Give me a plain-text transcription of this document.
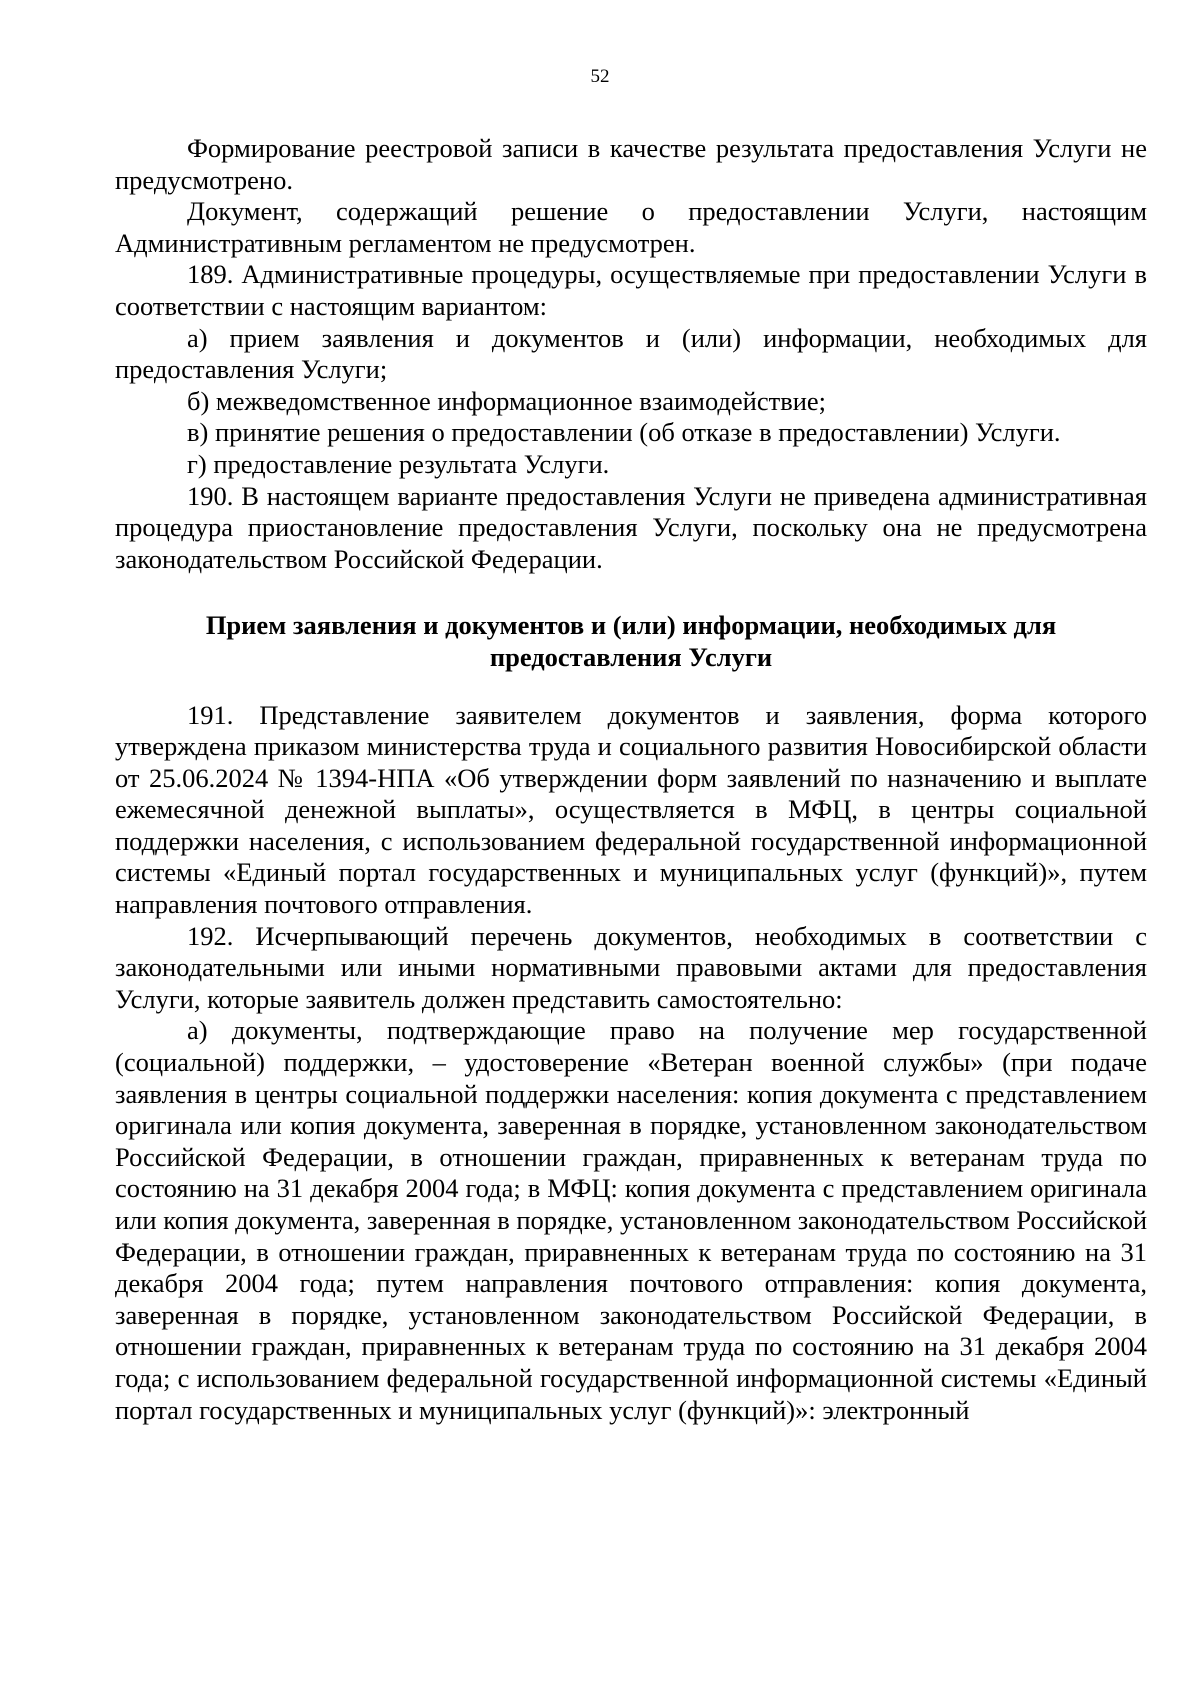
52

Формирование реестровой записи в качестве результата предоставления Услуги не предусмотрено.

Документ, содержащий решение о предоставлении Услуги, настоящим Административным регламентом не предусмотрен.

189. Административные процедуры, осуществляемые при предоставлении Услуги в соответствии с настоящим вариантом:

а) прием заявления и документов и (или) информации, необходимых для предоставления Услуги;

б) межведомственное информационное взаимодействие;

в) принятие решения о предоставлении (об отказе в предоставлении) Услуги.

г) предоставление результата Услуги.

190. В настоящем варианте предоставления Услуги не приведена административная процедура приостановление предоставления Услуги, поскольку она не предусмотрена законодательством Российской Федерации.

Прием заявления и документов и (или) информации, необходимых для предоставления Услуги

191. Представление заявителем документов и заявления, форма которого утверждена приказом министерства труда и социального развития Новосибирской области от 25.06.2024 № 1394-НПА «Об утверждении форм заявлений по назначению и выплате ежемесячной денежной выплаты», осуществляется в МФЦ, в центры социальной поддержки населения, с использованием федеральной государственной информационной системы «Единый портал государственных и муниципальных услуг (функций)», путем направления почтового отправления.

192. Исчерпывающий перечень документов, необходимых в соответствии с законодательными или иными нормативными правовыми актами для предоставления Услуги, которые заявитель должен представить самостоятельно:

а) документы, подтверждающие право на получение мер государственной (социальной) поддержки, – удостоверение «Ветеран военной службы» (при подаче заявления в центры социальной поддержки населения: копия документа с представлением оригинала или копия документа, заверенная в порядке, установленном законодательством Российской Федерации, в отношении граждан, приравненных к ветеранам труда по состоянию на 31 декабря 2004 года; в МФЦ: копия документа с представлением оригинала или копия документа, заверенная в порядке, установленном законодательством Российской Федерации, в отношении граждан, приравненных к ветеранам труда по состоянию на 31 декабря 2004 года; путем направления почтового отправления: копия документа, заверенная в порядке, установленном законодательством Российской Федерации, в отношении граждан, приравненных к ветеранам труда по состоянию на 31 декабря 2004 года; с использованием федеральной государственной информационной системы «Единый портал государственных и муниципальных услуг (функций)»: электронный
